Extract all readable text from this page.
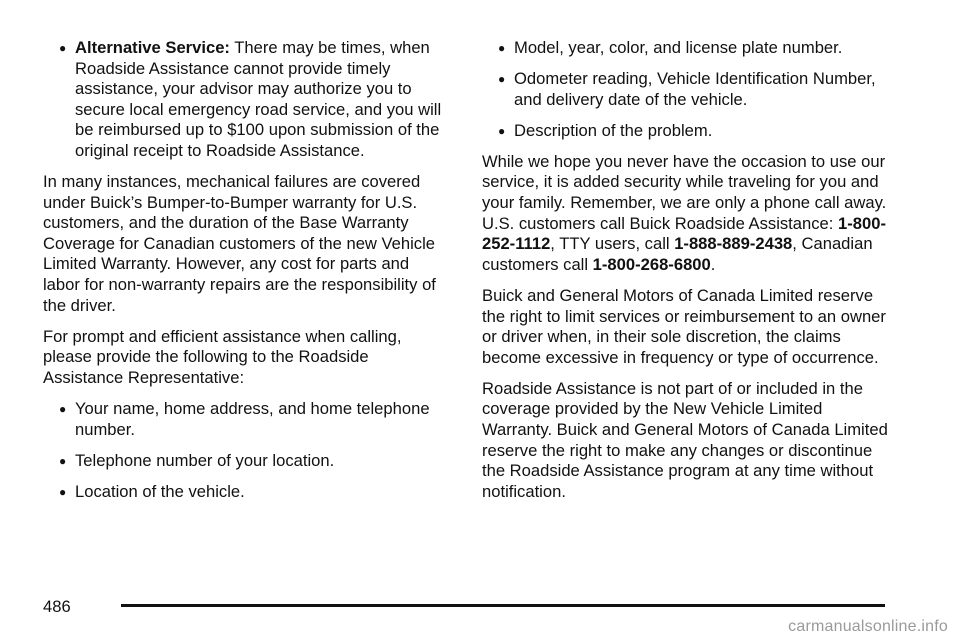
● Alternative Service: There may be times, when Roadside Assistance cannot provide timely assistance, your advisor may authorize you to secure local emergency road service, and you will be reimbursed up to $100 upon submission of the original receipt to Roadside Assistance.

In many instances, mechanical failures are covered under Buick’s Bumper-to-Bumper warranty for U.S. customers, and the duration of the Base Warranty Coverage for Canadian customers of the new Vehicle Limited Warranty. However, any cost for parts and labor for non-warranty repairs are the responsibility of the driver.

For prompt and efficient assistance when calling, please provide the following to the Roadside Assistance Representative:

● Your name, home address, and home telephone number.
● Telephone number of your location.
● Location of the vehicle.
● Model, year, color, and license plate number.
● Odometer reading, Vehicle Identification Number, and delivery date of the vehicle.
● Description of the problem.

While we hope you never have the occasion to use our service, it is added security while traveling for you and your family. Remember, we are only a phone call away. U.S. customers call Buick Roadside Assistance: 1-800-252-1112, TTY users, call 1-888-889-2438, Canadian customers call 1-800-268-6800.

Buick and General Motors of Canada Limited reserve the right to limit services or reimbursement to an owner or driver when, in their sole discretion, the claims become excessive in frequency or type of occurrence.

Roadside Assistance is not part of or included in the coverage provided by the New Vehicle Limited Warranty. Buick and General Motors of Canada Limited reserve the right to make any changes or discontinue the Roadside Assistance program at any time without notification.

486
carmanualsonline.info
